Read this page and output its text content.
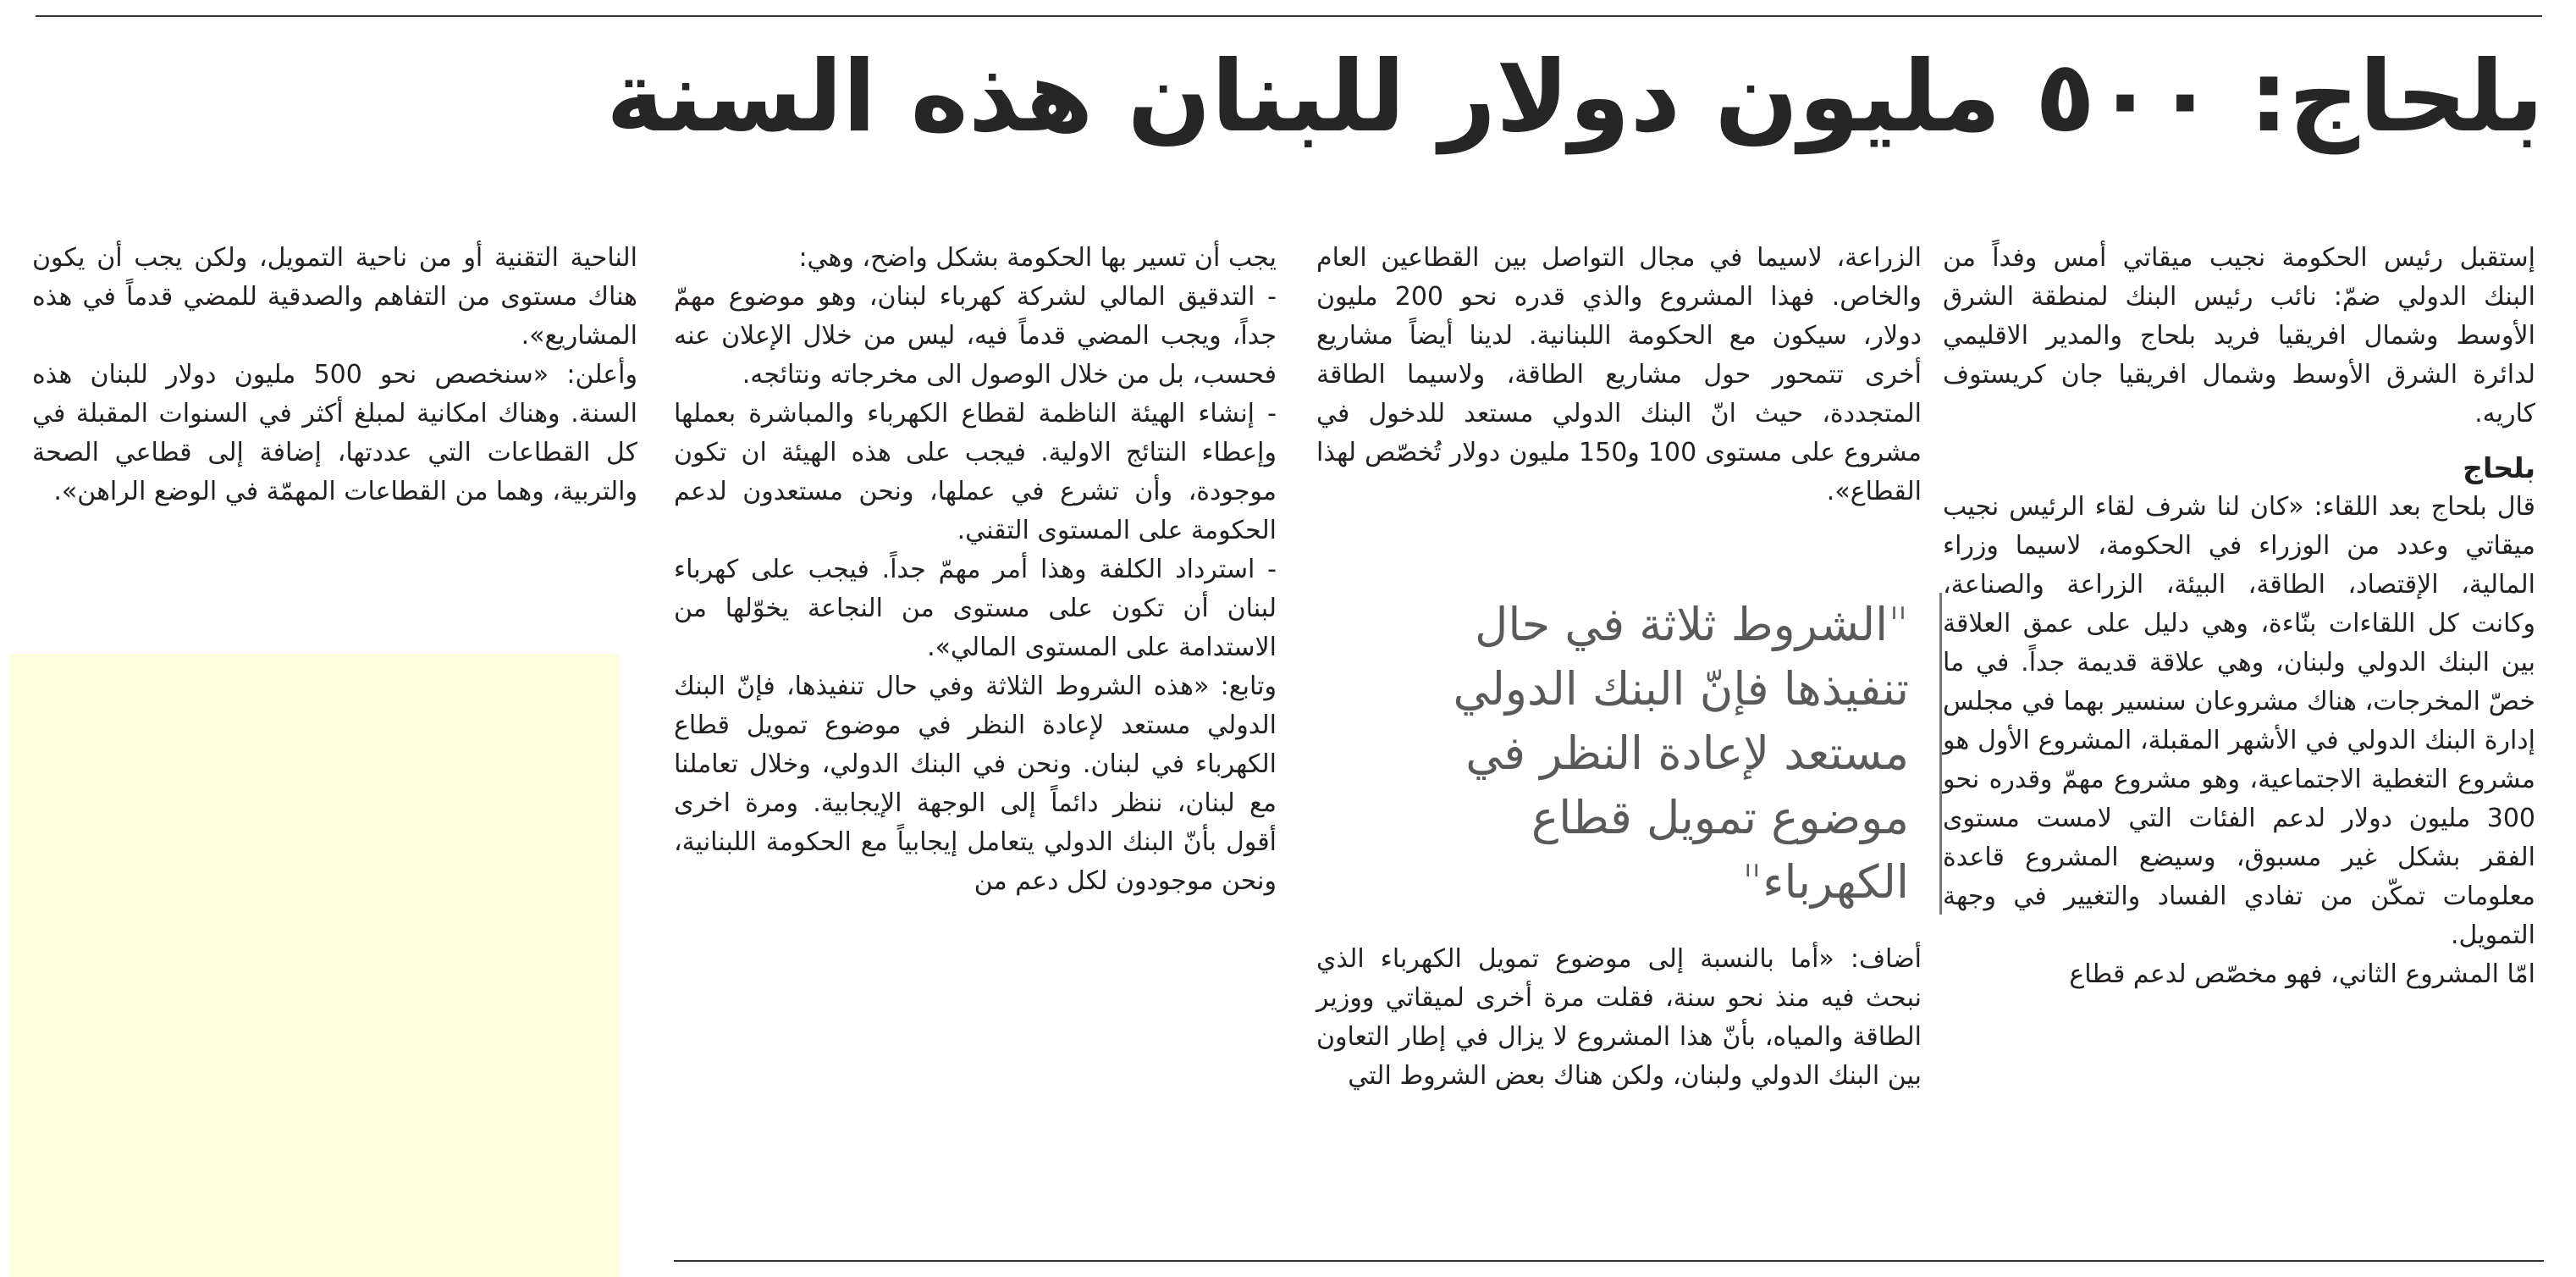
بلحاج: ٥٠٠ مليون دولار للبنان هذه السنة

إستقبل رئيس الحكومة نجيب ميقاتي أمس وفداً من البنك الدولي ضمّ: نائب رئيس البنك لمنطقة الشرق الأوسط وشمال افريقيا فريد بلحاج والمدير الاقليمي لدائرة الشرق الأوسط وشمال افريقيا جان كريستوف كاريه.

بلحاج

قال بلحاج بعد اللقاء: «كان لنا شرف لقاء الرئيس نجيب ميقاتي وعدد من الوزراء في الحكومة، لاسيما وزراء المالية، الإقتصاد، الطاقة، البيئة، الزراعة والصناعة، وكانت كل اللقاءات بنّاءة، وهي دليل على عمق العلاقة بين البنك الدولي ولبنان، وهي علاقة قديمة جداً. في ما خصّ المخرجات، هناك مشروعان سنسير بهما في مجلس إدارة البنك الدولي في الأشهر المقبلة، المشروع الأول هو مشروع التغطية الاجتماعية، وهو مشروع مهمّ وقدره نحو 300 مليون دولار لدعم الفئات التي لامست مستوى الفقر بشكل غير مسبوق، وسيضع المشروع قاعدة معلومات تمكّن من تفادي الفساد والتغيير في وجهة التمويل.

امّا المشروع الثاني، فهو مخصّص لدعم قطاع

الزراعة، لاسيما في مجال التواصل بين القطاعين العام والخاص. فهذا المشروع والذي قدره نحو 200 مليون دولار، سيكون مع الحكومة اللبنانية. لدينا أيضاً مشاريع أخرى تتمحور حول مشاريع الطاقة، ولاسيما الطاقة المتجددة، حيث انّ البنك الدولي مستعد للدخول في مشروع على مستوى 100 و150 مليون دولار تُخصّص لهذا القطاع».

"الشروط ثلاثة في حال تنفيذها فإنّ البنك الدولي مستعد لإعادة النظر في موضوع تمويل قطاع الكهرباء"

أضاف: «أما بالنسبة إلى موضوع تمويل الكهرباء الذي نبحث فيه منذ نحو سنة، فقلت مرة أخرى لميقاتي ووزير الطاقة والمياه، بأنّ هذا المشروع لا يزال في إطار التعاون بين البنك الدولي ولبنان، ولكن هناك بعض الشروط التي

يجب أن تسير بها الحكومة بشكل واضح، وهي:

- التدقيق المالي لشركة كهرباء لبنان، وهو موضوع مهمّ جداً، ويجب المضي قدماً فيه، ليس من خلال الإعلان عنه فحسب، بل من خلال الوصول الى مخرجاته ونتائجه.

- إنشاء الهيئة الناظمة لقطاع الكهرباء والمباشرة بعملها وإعطاء النتائج الاولية. فيجب على هذه الهيئة ان تكون موجودة، وأن تشرع في عملها، ونحن مستعدون لدعم الحكومة على المستوى التقني.

- استرداد الكلفة وهذا أمر مهمّ جداً. فيجب على كهرباء لبنان أن تكون على مستوى من النجاعة يخوّلها من الاستدامة على المستوى المالي».

وتابع: «هذه الشروط الثلاثة وفي حال تنفيذها، فإنّ البنك الدولي مستعد لإعادة النظر في موضوع تمويل قطاع الكهرباء في لبنان. ونحن في البنك الدولي، وخلال تعاملنا مع لبنان، ننظر دائماً إلى الوجهة الإيجابية. ومرة اخرى أقول بأنّ البنك الدولي يتعامل إيجابياً مع الحكومة اللبنانية، ونحن موجودون لكل دعم من

الناحية التقنية أو من ناحية التمويل، ولكن يجب أن يكون هناك مستوى من التفاهم والصدقية للمضي قدماً في هذه المشاريع».

وأعلن: «سنخصص نحو 500 مليون دولار للبنان هذه السنة. وهناك امكانية لمبلغ أكثر في السنوات المقبلة في كل القطاعات التي عددتها، إضافة إلى قطاعي الصحة والتربية، وهما من القطاعات المهمّة في الوضع الراهن».
